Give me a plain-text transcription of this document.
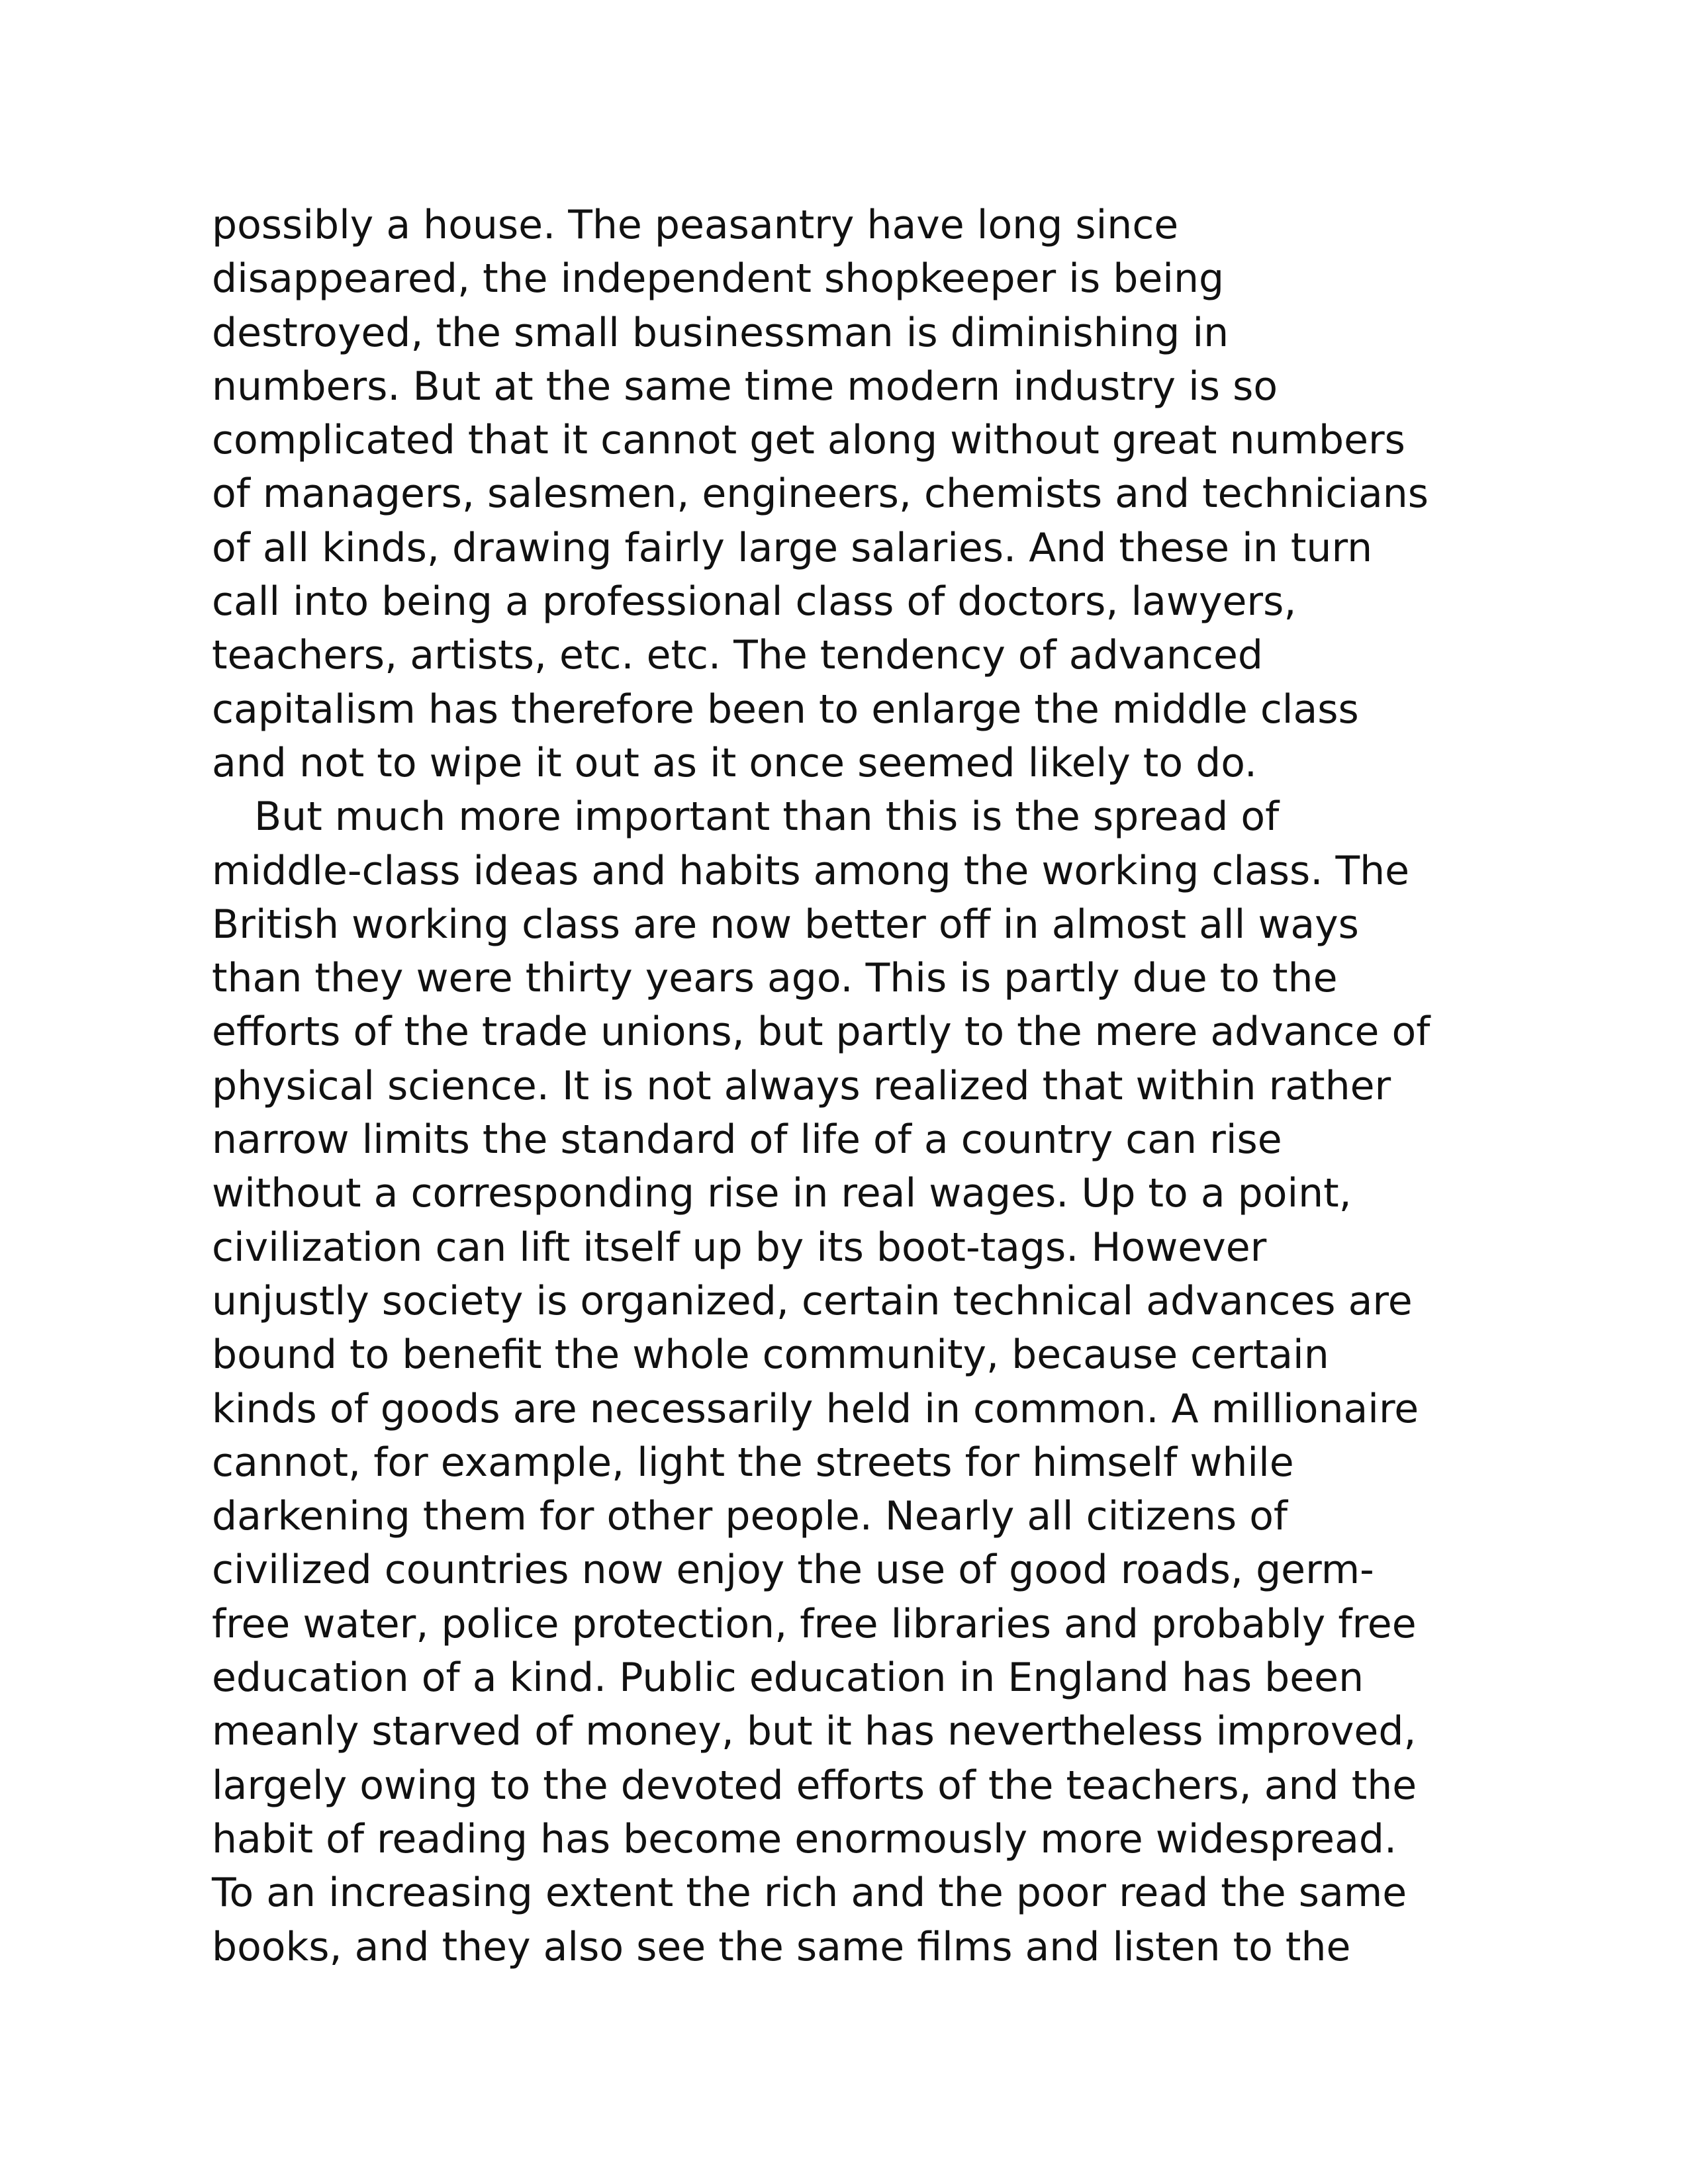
possibly a house. The peasantry have long since
disappeared, the independent shopkeeper is being
destroyed, the small businessman is diminishing in
numbers. But at the same time modern industry is so
complicated that it cannot get along without great numbers
of managers, salesmen, engineers, chemists and technicians
of all kinds, drawing fairly large salaries. And these in turn
call into being a professional class of doctors, lawyers,
teachers, artists, etc. etc. The tendency of advanced
capitalism has therefore been to enlarge the middle class
and not to wipe it out as it once seemed likely to do.
But much more important than this is the spread of
middle-class ideas and habits among the working class. The
British working class are now better off in almost all ways
than they were thirty years ago. This is partly due to the
efforts of the trade unions, but partly to the mere advance of
physical science. It is not always realized that within rather
narrow limits the standard of life of a country can rise
without a corresponding rise in real wages. Up to a point,
civilization can lift itself up by its boot-tags. However
unjustly society is organized, certain technical advances are
bound to benefit the whole community, because certain
kinds of goods are necessarily held in common. A millionaire
cannot, for example, light the streets for himself while
darkening them for other people. Nearly all citizens of
civilized countries now enjoy the use of good roads, germ-
free water, police protection, free libraries and probably free
education of a kind. Public education in England has been
meanly starved of money, but it has nevertheless improved,
largely owing to the devoted efforts of the teachers, and the
habit of reading has become enormously more widespread.
To an increasing extent the rich and the poor read the same
books, and they also see the same films and listen to the
